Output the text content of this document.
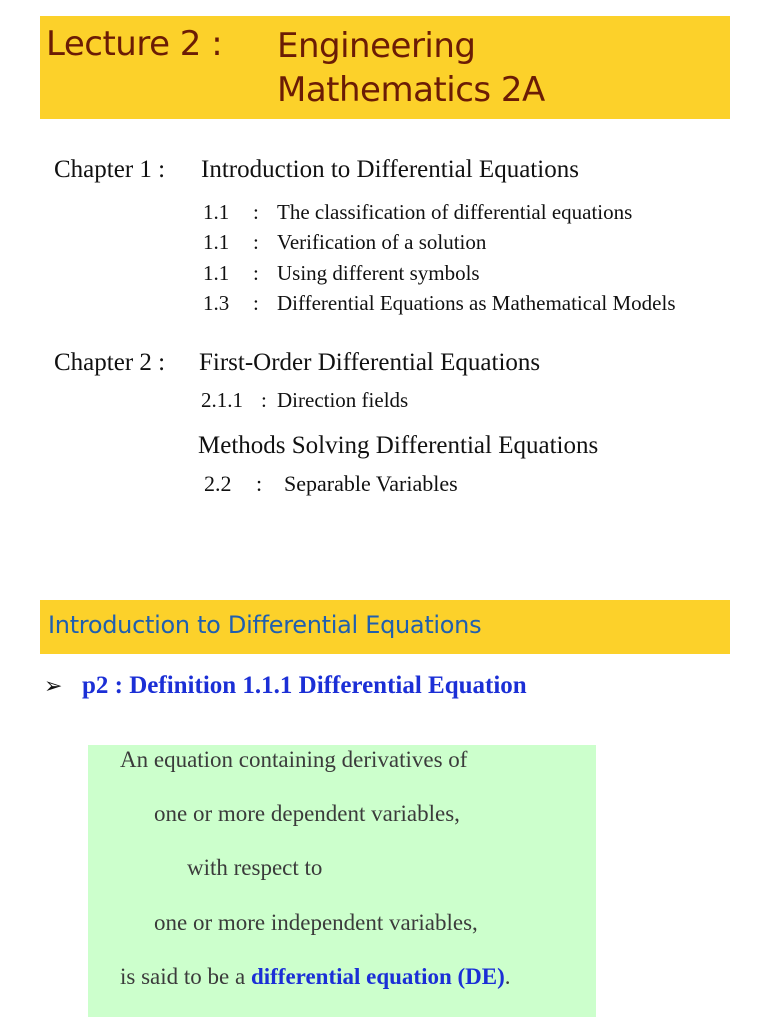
Lecture 2 : Engineering
Mathematics 2A
Chapter 1 : Introduction to Differential Equations
1.1 : The classification of differential equations
1.1 : Verification of a solution
1.1 : Using different symbols
1.3 : Differential Equations as Mathematical Models
Chapter 2 : First-Order Differential Equations
2.1.1 : Direction fields
Methods Solving Differential Equations
2.2 : Separable Variables
Introduction to Differential Equations
➢ p2 : Definition 1.1.1 Differential Equation
An equation containing derivatives of
one or more dependent variables,
with respect to
one or more independent variables,
is said to be a differential equation (DE).
